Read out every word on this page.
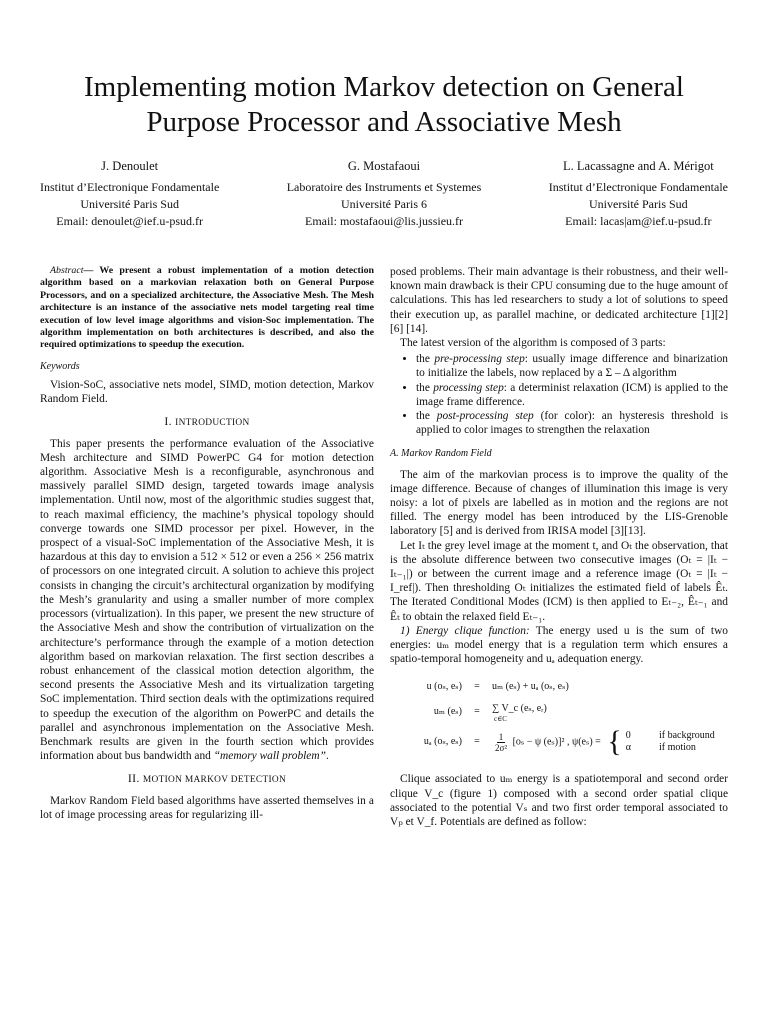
Implementing motion Markov detection on General Purpose Processor and Associative Mesh
J. Denoulet
Institut d’Electronique Fondamentale
Université Paris Sud
Email: denoulet@ief.u-psud.fr
G. Mostafaoui
Laboratoire des Instruments et Systemes
Université Paris 6
Email: mostafaoui@lis.jussieu.fr
L. Lacassagne and A. Mérigot
Institut d’Electronique Fondamentale
Université Paris Sud
Email: lacas|am@ief.u-psud.fr

Abstract— We present a robust implementation of a motion detection algorithm based on a markovian relaxation both on General Purpose Processors, and on a specialized architecture, the Associative Mesh. The Mesh architecture is an instance of the associative nets model targeting real time execution of low level image algorithms and vision-Soc implementation. The algorithm implementation on both architectures is described, and also the required optimizations to speedup the execution.

Keywords

Vision-SoC, associative nets model, SIMD, motion detection, Markov Random Field.

I. INTRODUCTION

This paper presents the performance evaluation of the Associative Mesh architecture and SIMD PowerPC G4 for motion detection algorithm. Associative Mesh is a reconfigurable, asynchronous and massively parallel SIMD design, targeted towards image analysis implementation. Until now, most of the algorithmic studies suggest that, to reach maximal efficiency, the machine’s physical topology should converge towards one SIMD processor per pixel. However, in the prospect of a visual-SoC implementation of the Associative Mesh, it is hazardous at this day to envision a 512 × 512 or even a 256 × 256 matrix of processors on one integrated circuit. A solution to achieve this project consists in changing the circuit’s architectural organization by modifying the Mesh’s granularity and using a smaller number of more complex processors (virtualization). In this paper, we present the new structure of the Associative Mesh and show the contribution of virtualization on the architecture’s performance through the example of a motion detection algorithm based on markovian relaxation. The first section describes a robust enhancement of the classical motion detection algorithm, the second presents the Associative Mesh and its virtualization targeting SoC implementation. Third section deals with the optimizations required to speedup the execution of the algorithm on PowerPC and details the parallel and asynchronous implementation on the Associative Mesh. Benchmark results are given in the fourth section which provides information about bus bandwidth and “memory wall problem”.

II. MOTION MARKOV DETECTION

Markov Random Field based algorithms have asserted themselves in a lot of image processing areas for regularizing ill-

posed problems. Their main advantage is their robustness, and their well-known main drawback is their CPU consuming due to the huge amount of calculations. This has led researchers to study a lot of solutions to speed their execution up, as parallel machine, or dedicated architecture [1][2] [6] [14].

The latest version of the algorithm is composed of 3 parts:

• the pre-processing step: usually image difference and binarization to initialize the labels, now replaced by a Σ – Δ algorithm
• the processing step: a determinist relaxation (ICM) is applied to the image frame difference.
• the post-processing step (for color): an hysteresis threshold is applied to color images to strengthen the relaxation
A. Markov Random Field

The aim of the markovian process is to improve the quality of the image difference. Because of changes of illumination this image is very noisy: a lot of pixels are labelled as in motion and the regions are not filled. The energy model has been introduced by the LIS-Grenoble laboratory [5] and is derived from IRISA model [3][13].

Let Iₜ the grey level image at the moment t, and Oₜ the observation, that is the absolute difference between two consecutive images (Oₜ = |Iₜ − Iₜ₋₁|) or between the current image and a reference image (Oₜ = |Iₜ − I_ref|). Then thresholding Oₜ initializes the estimated field of labels Êₜ. The Iterated Conditional Modes (ICM) is then applied to Eₜ₋₂, Êₜ₋₁ and Êₜ to obtain the relaxed field Eₜ₋₁.

1) Energy clique function: The energy used u is the sum of two energies: uₘ model energy that is a regulation term which ensures a spatio-temporal homogeneity and uₐ adequation energy.

u (oₛ, eₛ)	=	uₘ (eₛ) + uₐ (oₛ, eₛ)
uₘ (eₛ)	=	∑ V_c (eₛ, eᵣ)
c∈C
uₐ (oₛ, eₛ)	=	$\frac{1}{\text{2σ²}} [o_s - \psi$ (eₛ)]² , ψ(eₛ) = { 0	if background
α	if motion

Clique associated to uₘ energy is a spatiotemporal and second order clique V_c (figure 1) composed with a second order spatial clique associated to the potential Vₛ and two first order temporal associated to Vₚ et V_f. Potentials are defined as follow:
